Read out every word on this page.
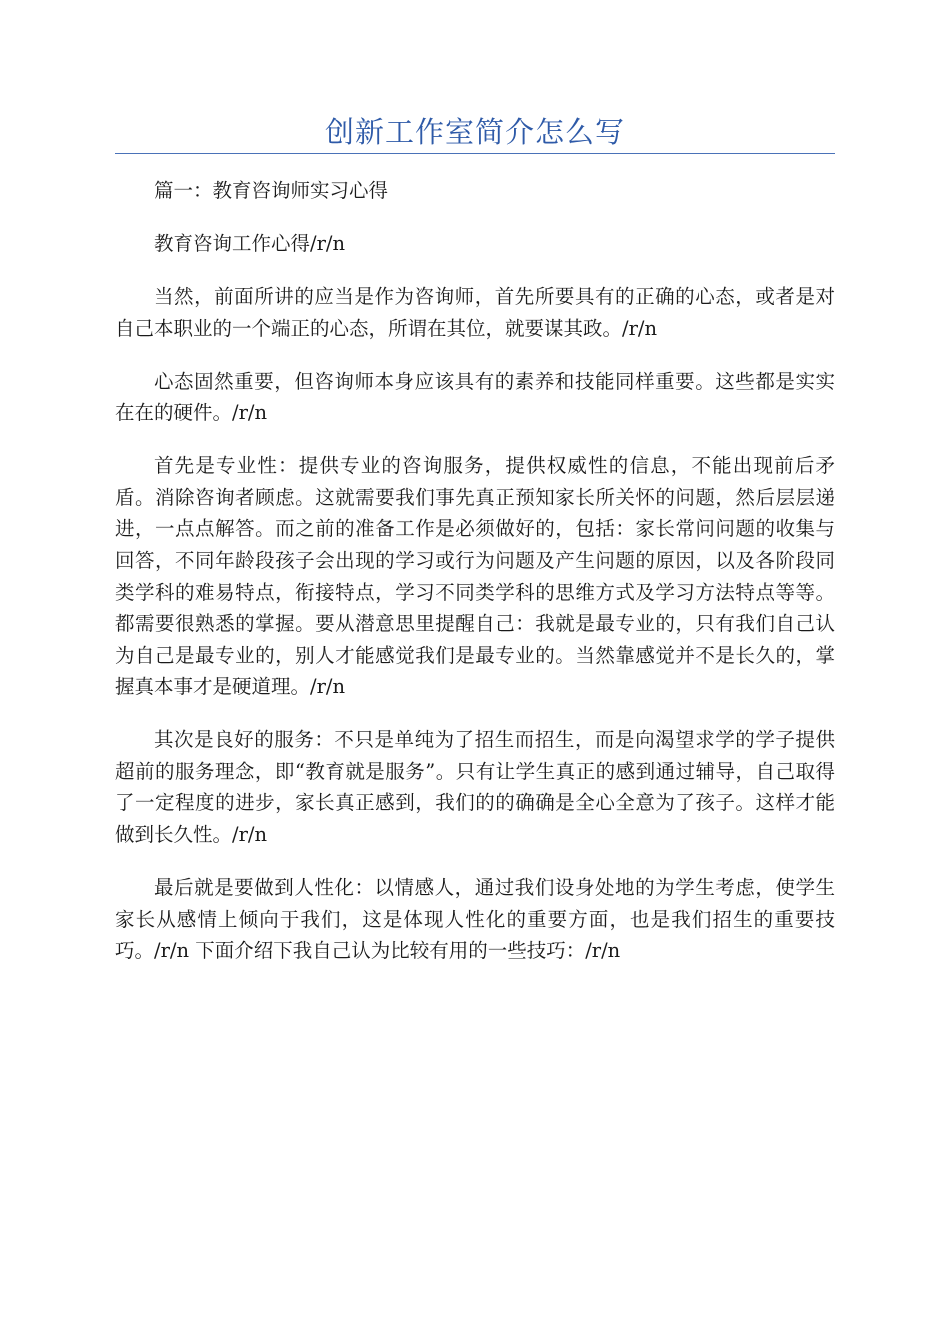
创新工作室简介怎么写

篇一：教育咨询师实习心得

教育咨询工作心得/r/n

当然，前面所讲的应当是作为咨询师，首先所要具有的正确的心态，或者是对自己本职业的一个端正的心态，所谓在其位，就要谋其政。/r/n

心态固然重要，但咨询师本身应该具有的素养和技能同样重要。这些都是实实在在的硬件。/r/n

首先是专业性：提供专业的咨询服务，提供权威性的信息，不能出现前后矛盾。消除咨询者顾虑。这就需要我们事先真正预知家长所关怀的问题，然后层层递进，一点点解答。而之前的准备工作是必须做好的，包括：家长常问问题的收集与回答，不同年龄段孩子会出现的学习或行为问题及产生问题的原因，以及各阶段同类学科的难易特点，衔接特点，学习不同类学科的思维方式及学习方法特点等等。都需要很熟悉的掌握。要从潜意思里提醒自己：我就是最专业的，只有我们自己认为自己是最专业的，别人才能感觉我们是最专业的。当然靠感觉并不是长久的，掌握真本事才是硬道理。/r/n

其次是良好的服务：不只是单纯为了招生而招生，而是向渴望求学的学子提供超前的服务理念，即“教育就是服务”。只有让学生真正的感到通过辅导，自己取得了一定程度的进步，家长真正感到，我们的的确确是全心全意为了孩子。这样才能做到长久性。/r/n

最后就是要做到人性化：以情感人，通过我们设身处地的为学生考虑，使学生家长从感情上倾向于我们，这是体现人性化的重要方面，也是我们招生的重要技巧。/r/n 下面介绍下我自己认为比较有用的一些技巧：/r/n
